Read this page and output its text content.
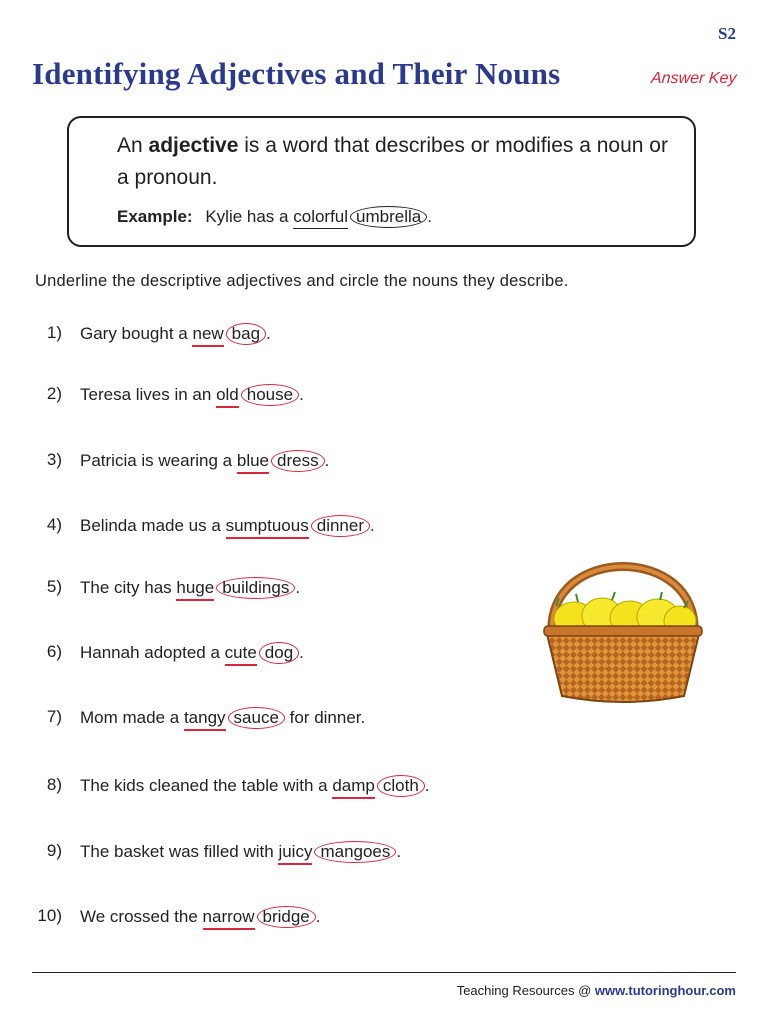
S2
Identifying Adjectives and Their Nouns	Answer Key
An adjective is a word that describes or modifies a noun or a pronoun.
Example: Kylie has a colorful umbrella .
Underline the descriptive adjectives and circle the nouns they describe.
1) Gary bought a new bag .
2) Teresa lives in an old house .
3) Patricia is wearing a blue dress .
4) Belinda made us a sumptuous dinner .
5) The city has huge buildings .
6) Hannah adopted a cute dog .
7) Mom made a tangy sauce for dinner.
8) The kids cleaned the table with a damp cloth .
9) The basket was filled with juicy mangoes .
10) We crossed the narrow bridge .
Teaching Resources @ www.tutoringhour.com
